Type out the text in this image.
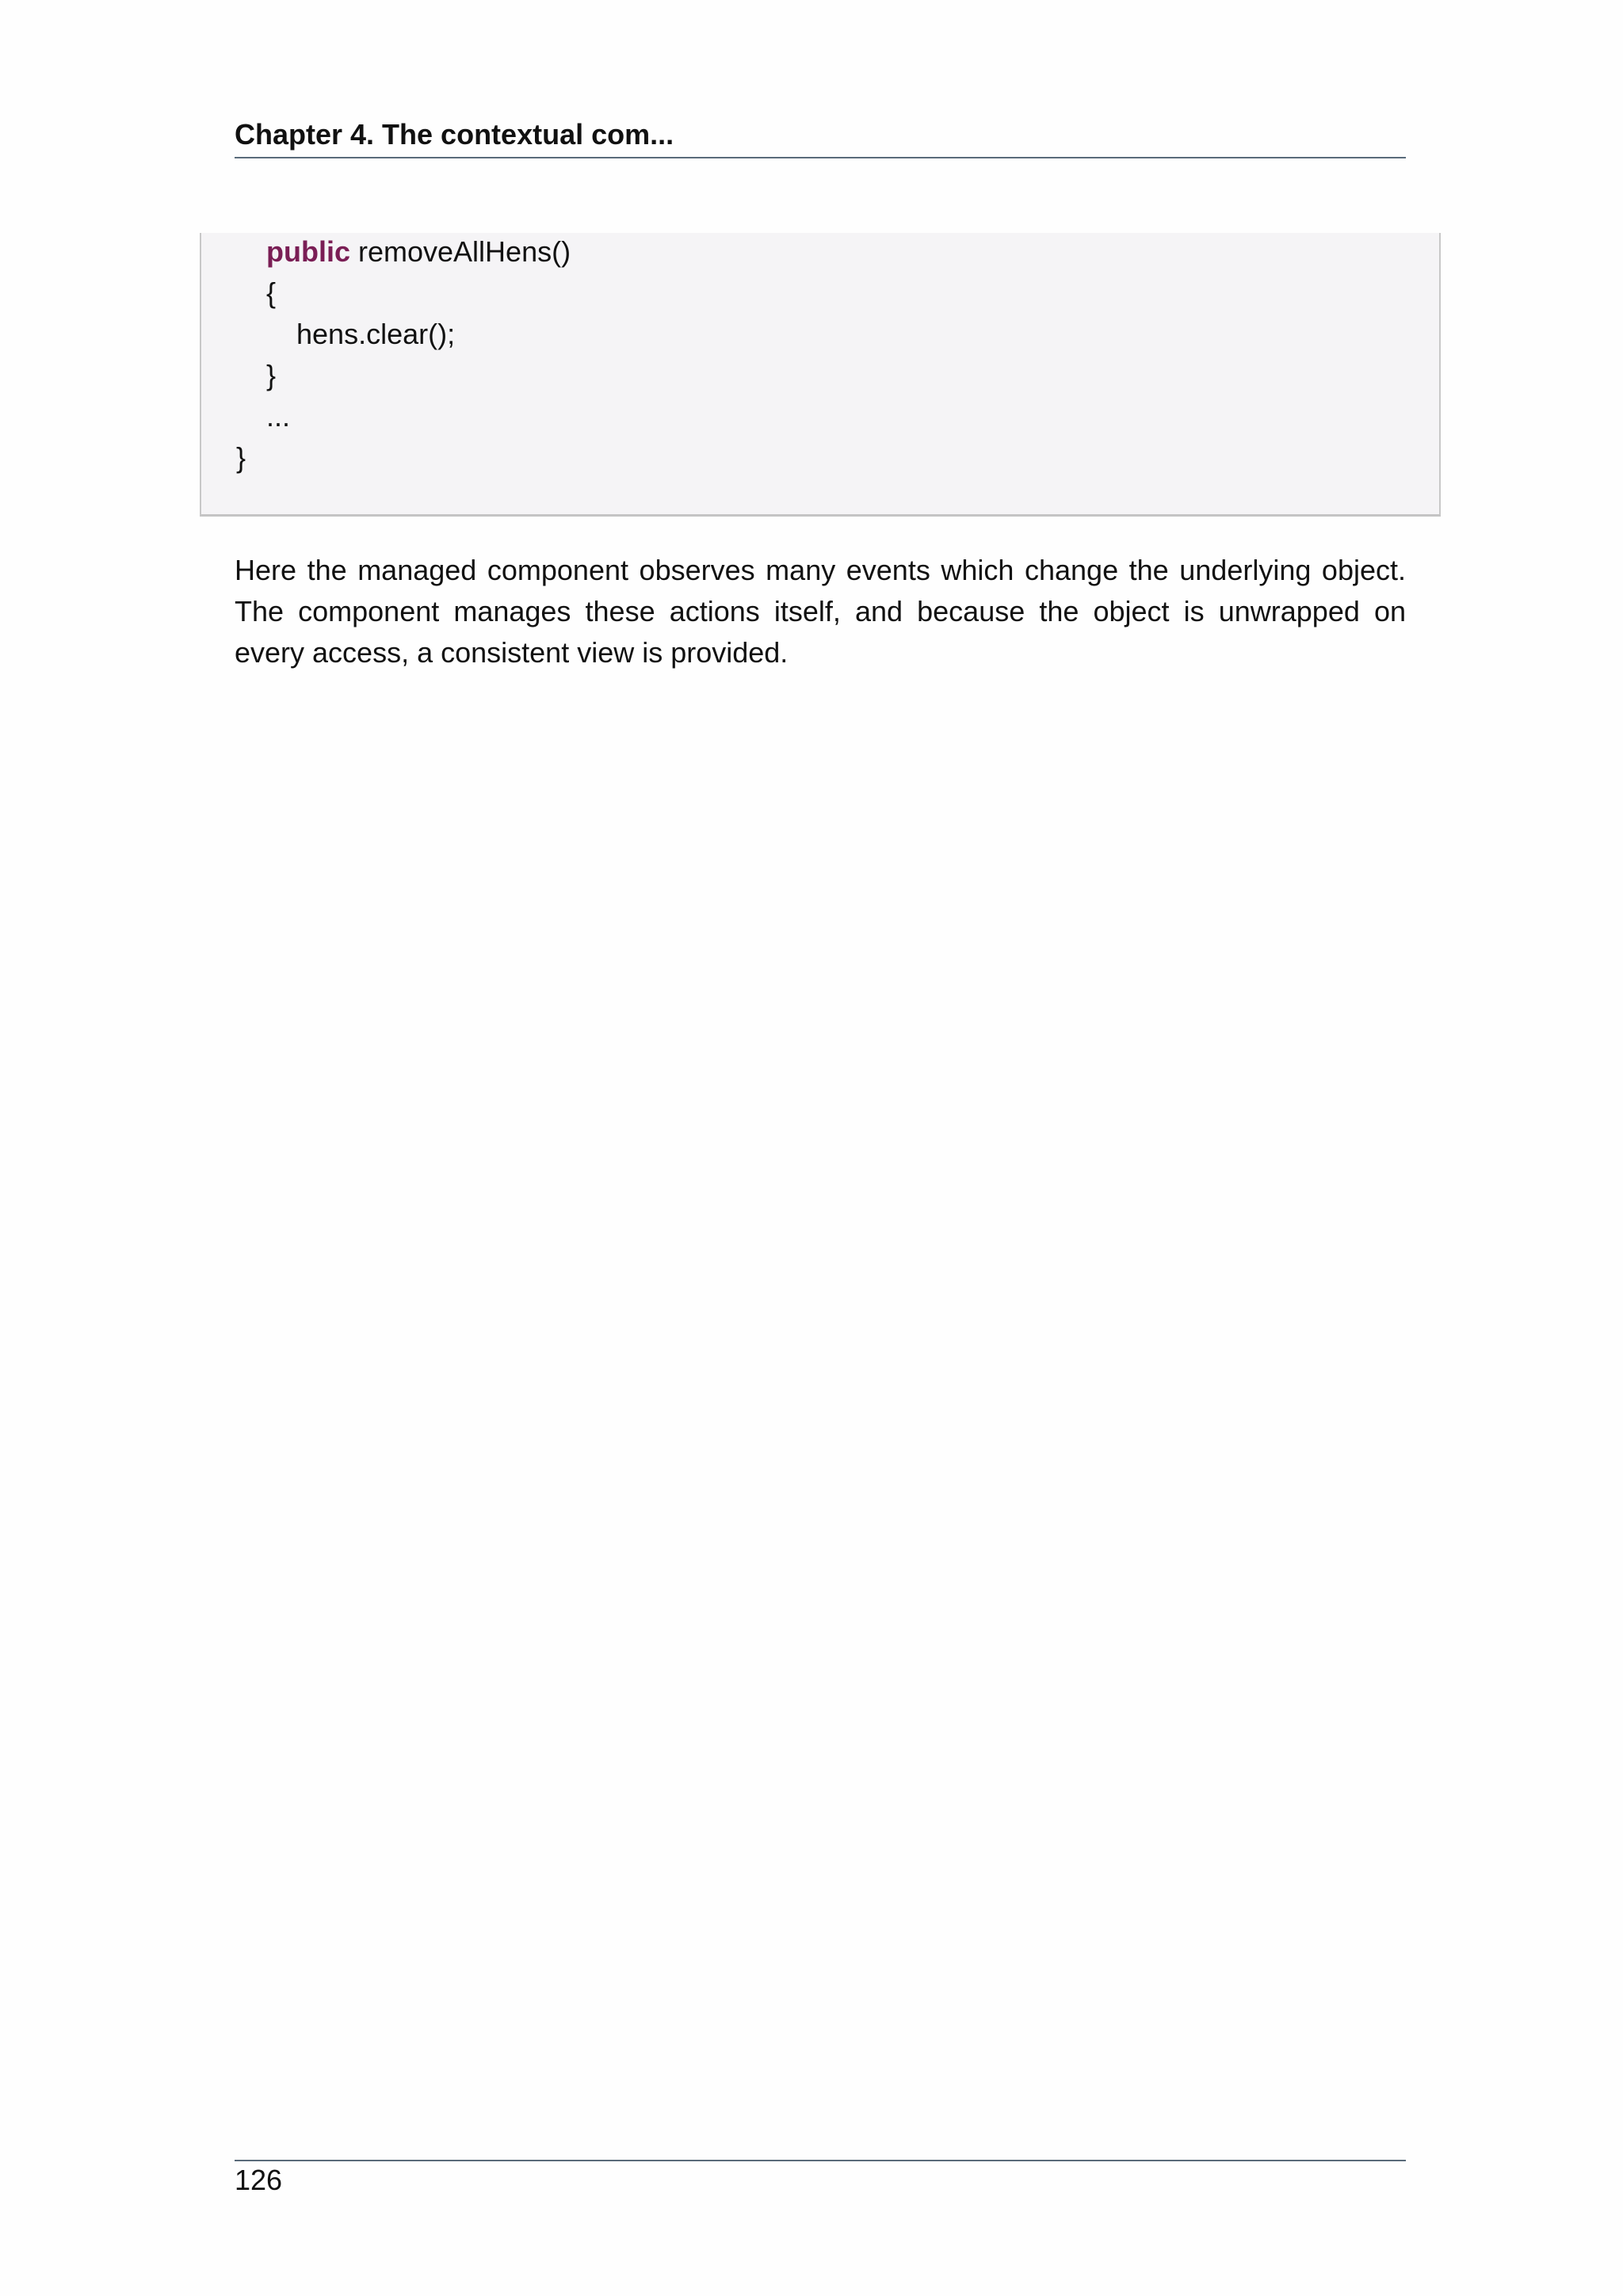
Chapter 4. The contextual com...
public removeAllHens()
{
hens.clear();
}
...
}

Here the managed component observes many events which change the underlying object. The component manages these actions itself, and because the object is unwrapped on every access, a consistent view is provided.

126
